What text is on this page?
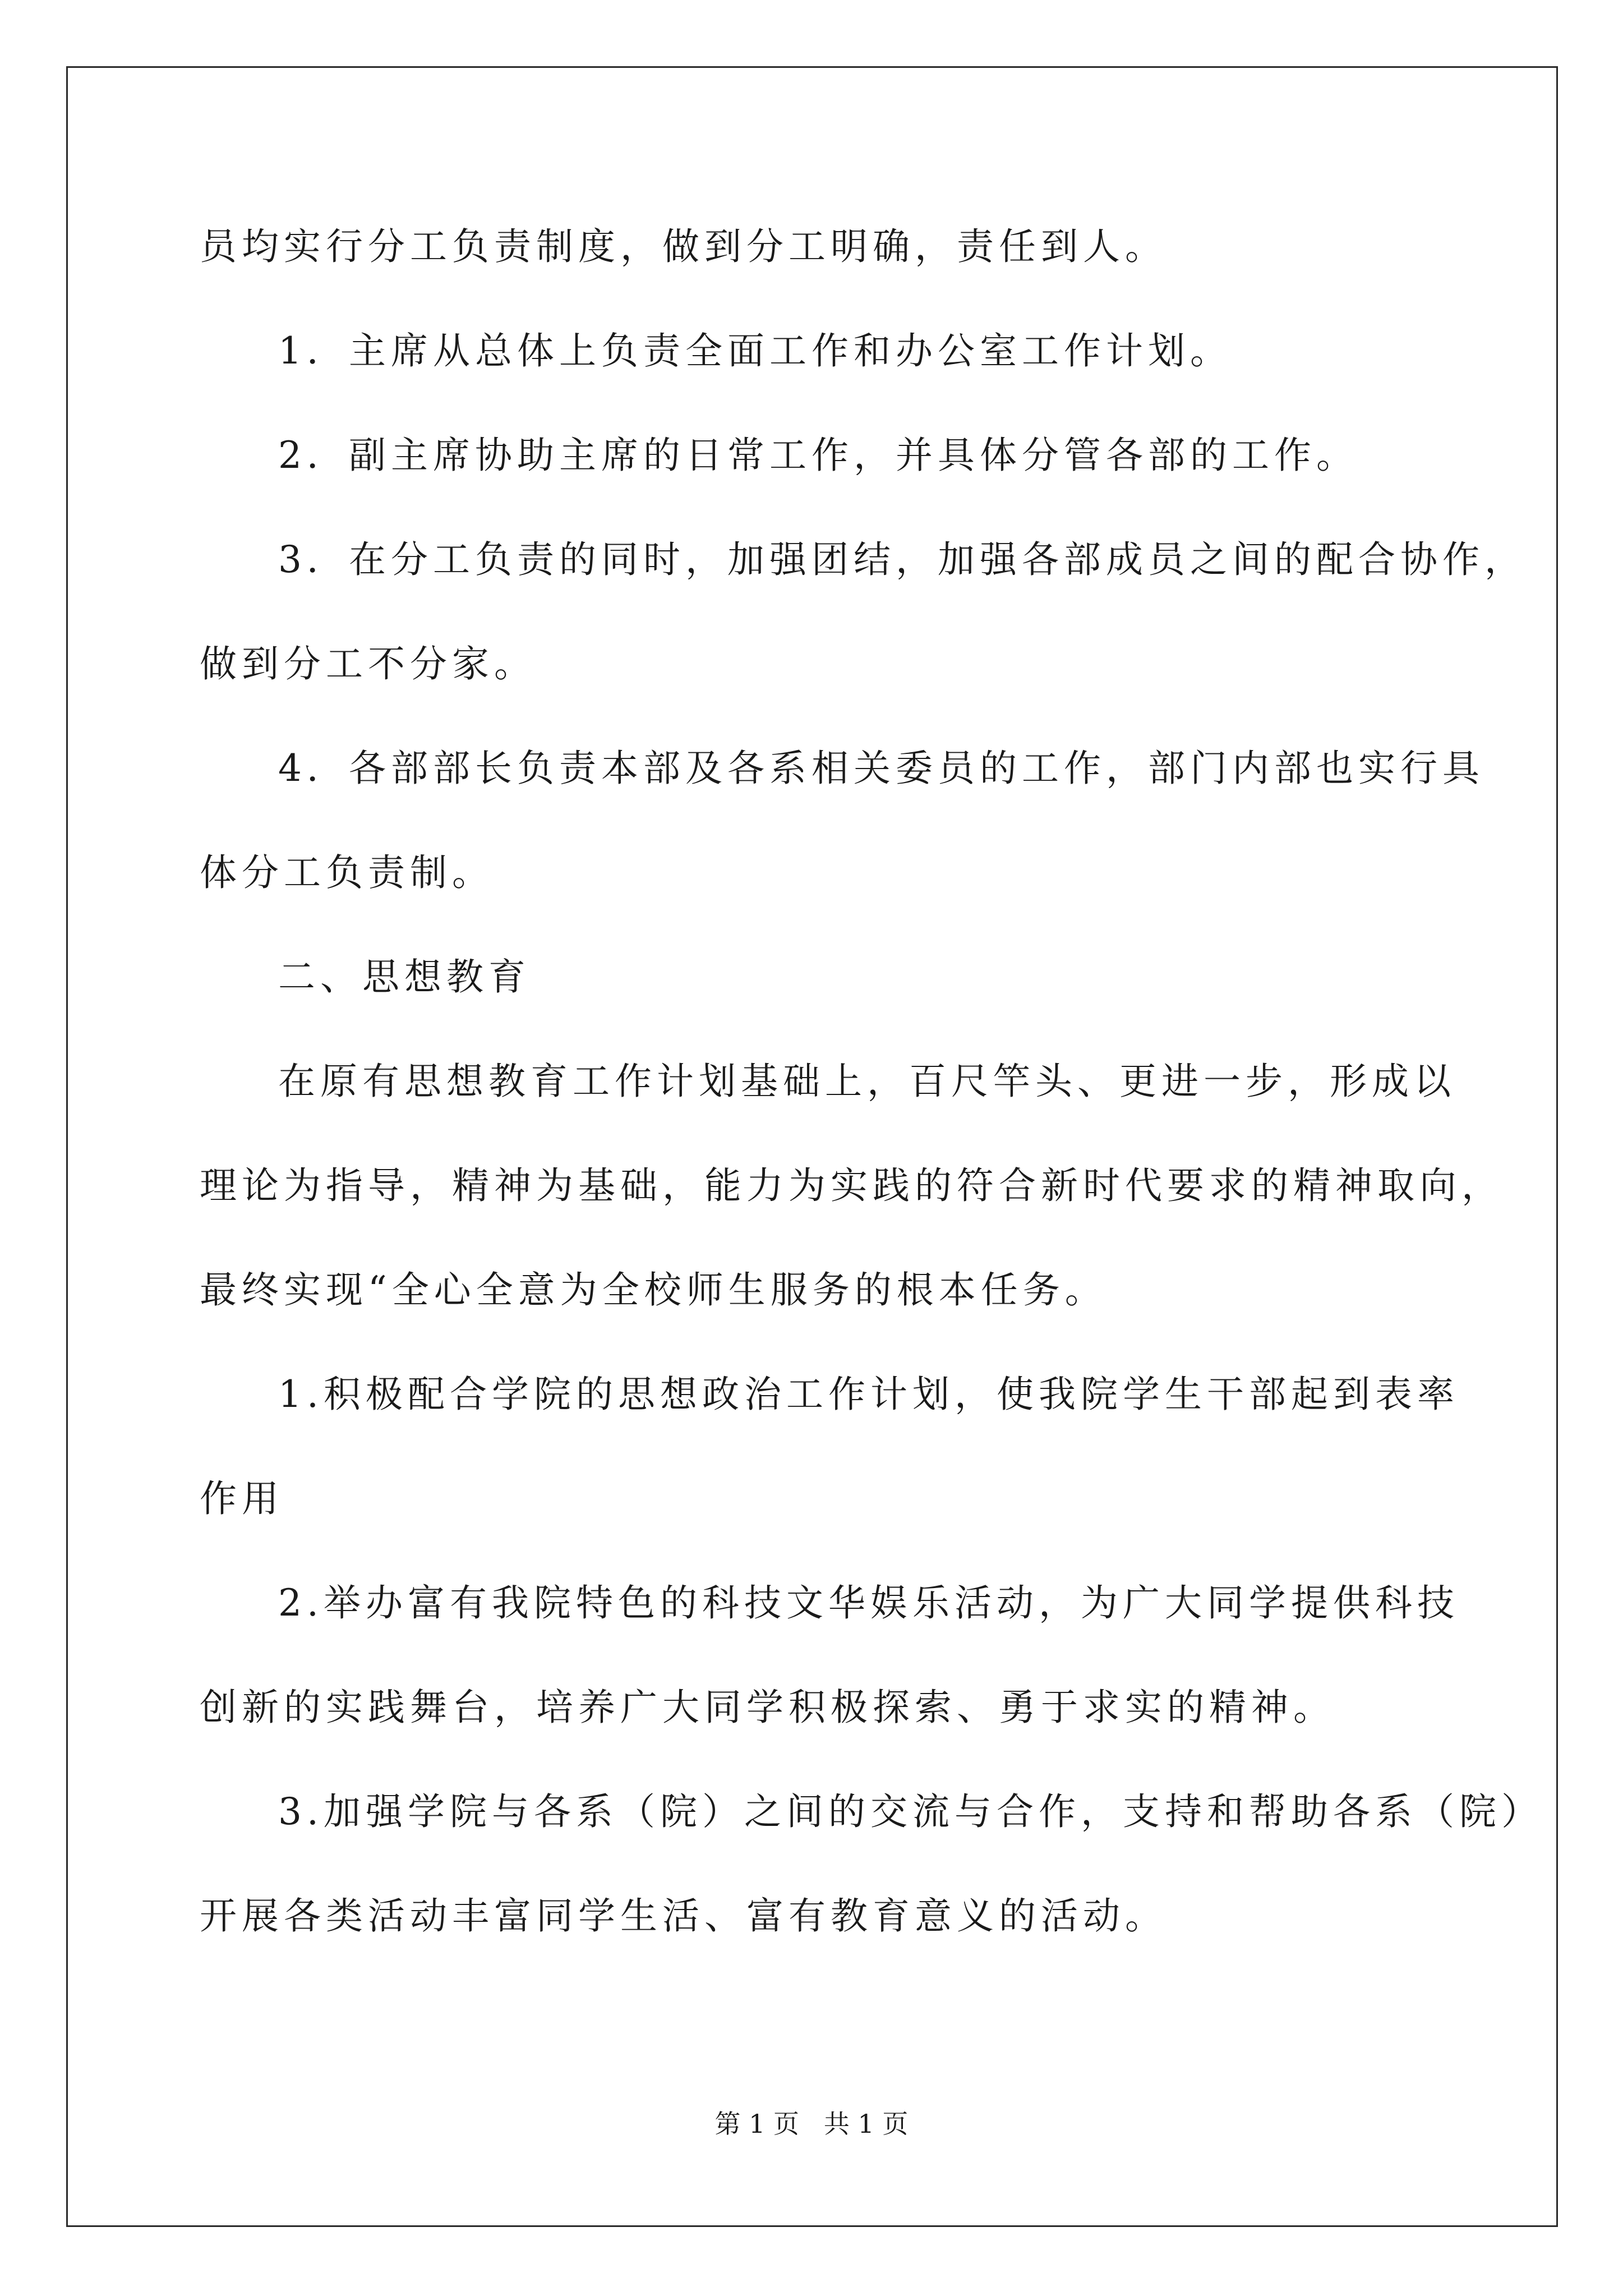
员均实行分工负责制度，做到分工明确，责任到人。
1．主席从总体上负责全面工作和办公室工作计划。
2．副主席协助主席的日常工作，并具体分管各部的工作。
3．在分工负责的同时，加强团结，加强各部成员之间的配合协作，
做到分工不分家。
4．各部部长负责本部及各系相关委员的工作，部门内部也实行具
体分工负责制。
二、思想教育
在原有思想教育工作计划基础上，百尺竿头、更进一步，形成以
理论为指导，精神为基础，能力为实践的符合新时代要求的精神取向，
最终实现“全心全意为全校师生服务的根本任务。
1.积极配合学院的思想政治工作计划，使我院学生干部起到表率
作用
2.举办富有我院特色的科技文华娱乐活动，为广大同学提供科技
创新的实践舞台，培养广大同学积极探索、勇于求实的精神。
3.加强学院与各系（院）之间的交流与合作，支持和帮助各系（院）
开展各类活动丰富同学生活、富有教育意义的活动。
第 1 页   共 1 页
